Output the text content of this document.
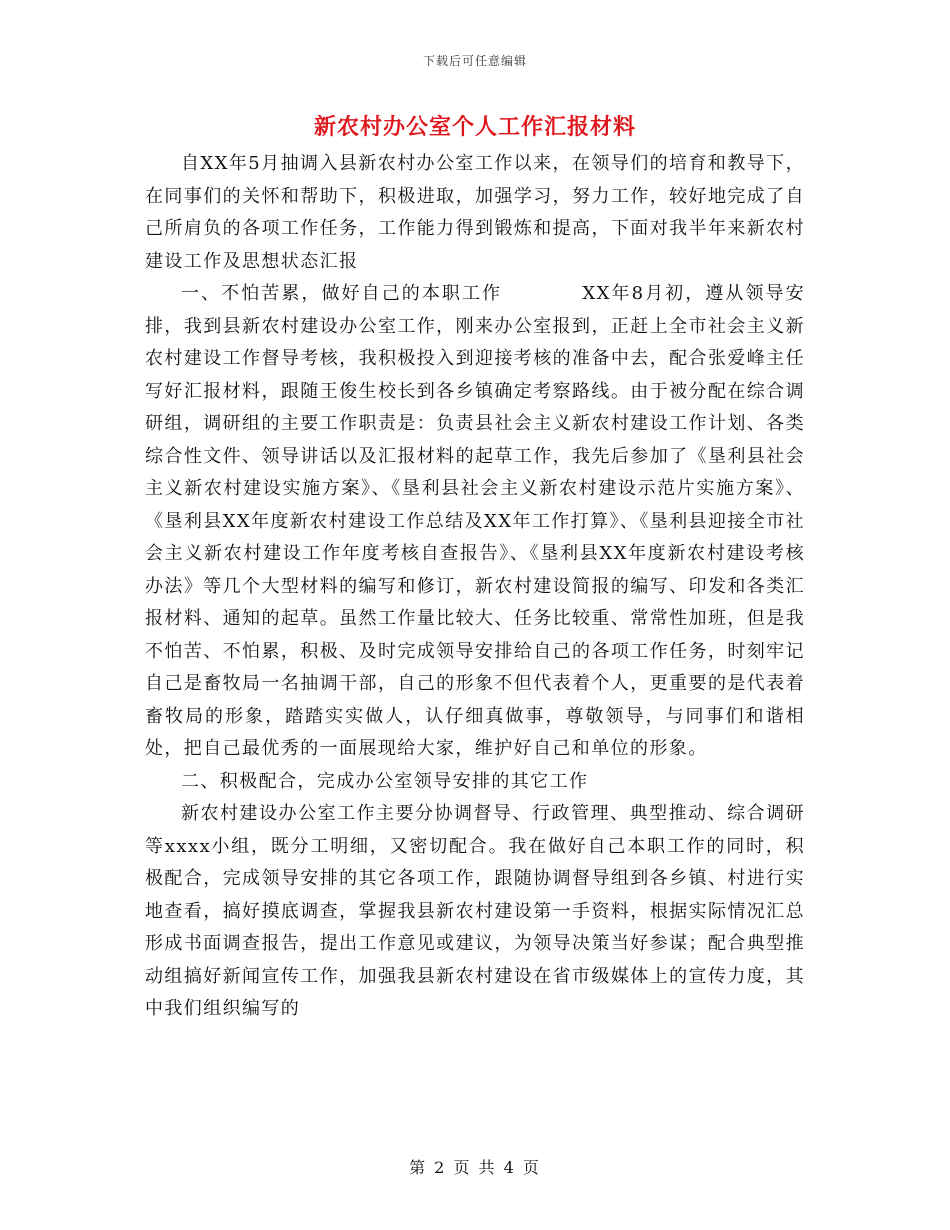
下载后可任意编辑
新农村办公室个人工作汇报材料

自XX年5月抽调入县新农村办公室工作以来，在领导们的培育和教导下，在同事们的关怀和帮助下，积极进取，加强学习，努力工作，较好地完成了自己所肩负的各项工作任务，工作能力得到锻炼和提高，下面对我半年来新农村建设工作及思想状态汇报

一、不怕苦累，做好自己的本职工作　　　　XX年8月初，遵从领导安排，我到县新农村建设办公室工作，刚来办公室报到，正赶上全市社会主义新农村建设工作督导考核，我积极投入到迎接考核的准备中去，配合张爱峰主任写好汇报材料，跟随王俊生校长到各乡镇确定考察路线。由于被分配在综合调研组，调研组的主要工作职责是：负责县社会主义新农村建设工作计划、各类综合性文件、领导讲话以及汇报材料的起草工作，我先后参加了《垦利县社会主义新农村建设实施方案》、《垦利县社会主义新农村建设示范片实施方案》、《垦利县XX年度新农村建设工作总结及XX年工作打算》、《垦利县迎接全市社会主义新农村建设工作年度考核自查报告》、《垦利县XX年度新农村建设考核办法》等几个大型材料的编写和修订，新农村建设简报的编写、印发和各类汇报材料、通知的起草。虽然工作量比较大、任务比较重、常常性加班，但是我不怕苦、不怕累，积极、及时完成领导安排给自己的各项工作任务，时刻牢记自己是畜牧局一名抽调干部，自己的形象不但代表着个人，更重要的是代表着畜牧局的形象，踏踏实实做人，认仔细真做事，尊敬领导，与同事们和谐相处，把自己最优秀的一面展现给大家，维护好自己和单位的形象。

二、积极配合，完成办公室领导安排的其它工作

新农村建设办公室工作主要分协调督导、行政管理、典型推动、综合调研等xxxx小组，既分工明细，又密切配合。我在做好自己本职工作的同时，积极配合，完成领导安排的其它各项工作，跟随协调督导组到各乡镇、村进行实地查看，搞好摸底调查，掌握我县新农村建设第一手资料，根据实际情况汇总形成书面调查报告，提出工作意见或建议，为领导决策当好参谋；配合典型推动组搞好新闻宣传工作，加强我县新农村建设在省市级媒体上的宣传力度，其中我们组织编写的

第 2 页 共 4 页
